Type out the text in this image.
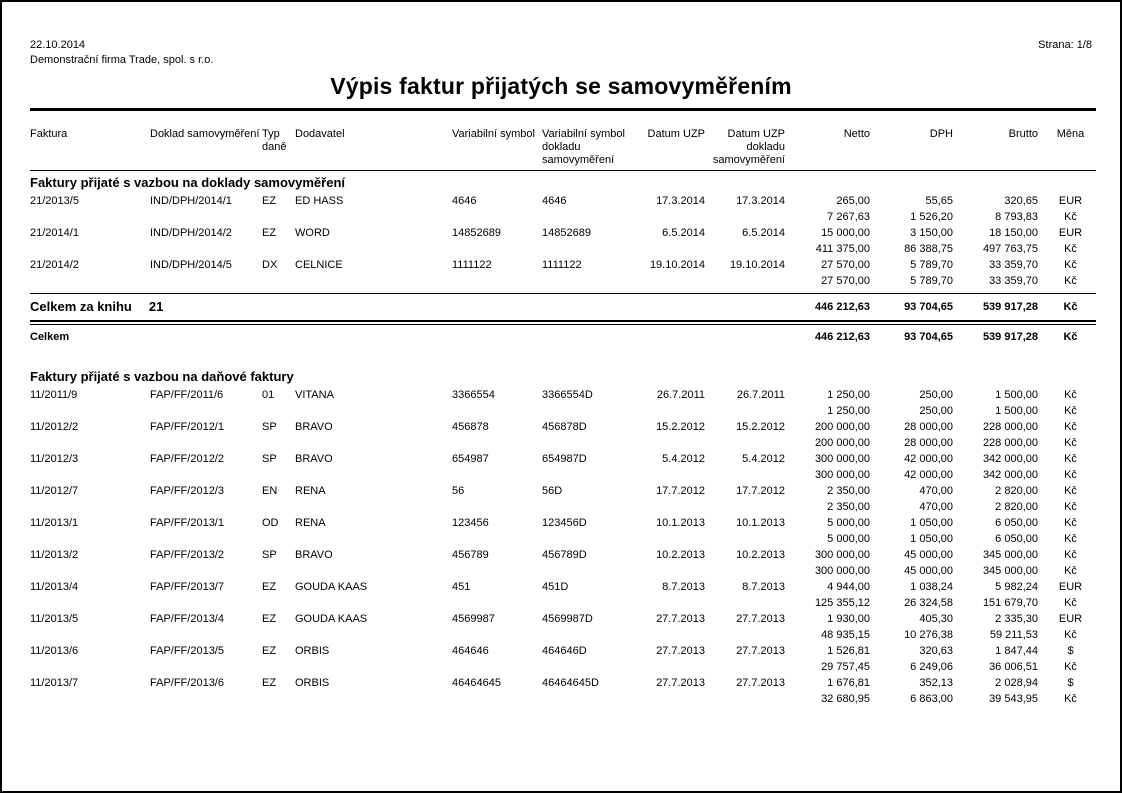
22.10.2014
Demonstrační firma Trade, spol. s r.o.
Strana: 1/8
Výpis faktur přijatých se samovyměřením
Faktura	Doklad samovyměření	Typ daně	Dodavatel	Variabilní symbol	Variabilní symbol dokladu samovyměření	Datum UZP	Datum UZP dokladu samovyměření	Netto	DPH	Brutto	Měna
Faktury přijaté s vazbou na doklady samovyměření											
21/2013/5	IND/DPH/2014/1	EZ	ED HASS	4646	4646	17.3.2014	17.3.2014	265,00	55,65	320,65	EUR
								7 267,63	1 526,20	8 793,83	Kč
21/2014/1	IND/DPH/2014/2	EZ	WORD	14852689	14852689	6.5.2014	6.5.2014	15 000,00	3 150,00	18 150,00	EUR
								411 375,00	86 388,75	497 763,75	Kč
21/2014/2	IND/DPH/2014/5	DX	CELNICE	1111122	1111122	19.10.2014	19.10.2014	27 570,00	5 789,70	33 359,70	Kč
								27 570,00	5 789,70	33 359,70	Kč

Celkem za knihu 21								446 212,63	93 704,65	539 917,28	Kč

Celkem								446 212,63	93 704,65	539 917,28	Kč
Faktury přijaté s vazbou na daňové faktury											
11/2011/9	FAP/FF/2011/6	01	VITANA	3366554	3366554D	26.7.2011	26.7.2011	1 250,00	250,00	1 500,00	Kč
								1 250,00	250,00	1 500,00	Kč
11/2012/2	FAP/FF/2012/1	SP	BRAVO	456878	456878D	15.2.2012	15.2.2012	200 000,00	28 000,00	228 000,00	Kč
								200 000,00	28 000,00	228 000,00	Kč
11/2012/3	FAP/FF/2012/2	SP	BRAVO	654987	654987D	5.4.2012	5.4.2012	300 000,00	42 000,00	342 000,00	Kč
								300 000,00	42 000,00	342 000,00	Kč
11/2012/7	FAP/FF/2012/3	EN	RENA	56	56D	17.7.2012	17.7.2012	2 350,00	470,00	2 820,00	Kč
								2 350,00	470,00	2 820,00	Kč
11/2013/1	FAP/FF/2013/1	OD	RENA	123456	123456D	10.1.2013	10.1.2013	5 000,00	1 050,00	6 050,00	Kč
								5 000,00	1 050,00	6 050,00	Kč
11/2013/2	FAP/FF/2013/2	SP	BRAVO	456789	456789D	10.2.2013	10.2.2013	300 000,00	45 000,00	345 000,00	Kč
								300 000,00	45 000,00	345 000,00	Kč
11/2013/4	FAP/FF/2013/7	EZ	GOUDA KAAS	451	451D	8.7.2013	8.7.2013	4 944,00	1 038,24	5 982,24	EUR
								125 355,12	26 324,58	151 679,70	Kč
11/2013/5	FAP/FF/2013/4	EZ	GOUDA KAAS	4569987	4569987D	27.7.2013	27.7.2013	1 930,00	405,30	2 335,30	EUR
								48 935,15	10 276,38	59 211,53	Kč
11/2013/6	FAP/FF/2013/5	EZ	ORBIS	464646	464646D	27.7.2013	27.7.2013	1 526,81	320,63	1 847,44	$
								29 757,45	6 249,06	36 006,51	Kč
11/2013/7	FAP/FF/2013/6	EZ	ORBIS	46464645	46464645D	27.7.2013	27.7.2013	1 676,81	352,13	2 028,94	$
								32 680,95	6 863,00	39 543,95	Kč
